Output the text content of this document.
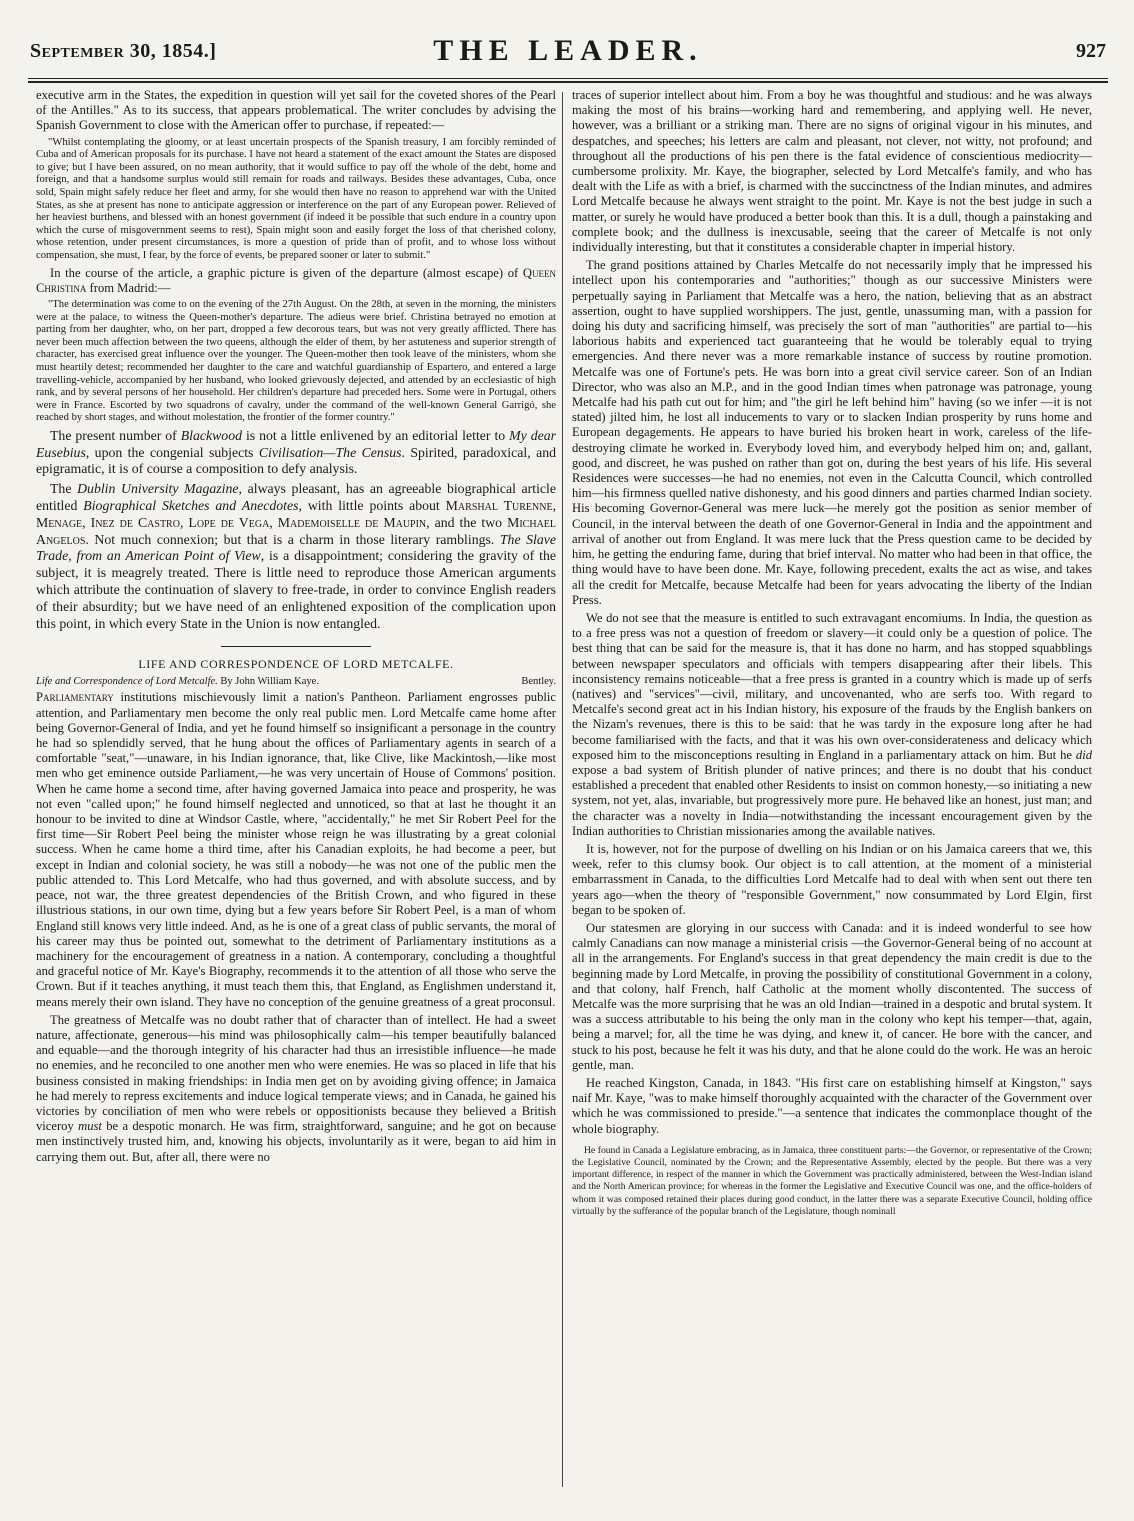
September 30, 1854.]	THE LEADER.	927

executive arm in the States, the expedition in question will yet sail for the coveted shores of the Pearl of the Antilles." As to its success, that appears problematical. The writer concludes by advising the Spanish Government to close with the American offer to purchase, if repeated:—

"Whilst contemplating the gloomy, or at least uncertain prospects of the Spanish treasury, I am forcibly reminded of Cuba and of American proposals for its purchase. I have not heard a statement of the exact amount the States are disposed to give; but I have been assured, on no mean authority, that it would suffice to pay off the whole of the debt, home and foreign, and that a handsome surplus would still remain for roads and railways. Besides these advantages, Cuba, once sold, Spain might safely reduce her fleet and army, for she would then have no reason to apprehend war with the United States, as she at present has none to anticipate aggression or interference on the part of any European power. Relieved of her heaviest burthens, and blessed with an honest government (if indeed it be possible that such endure in a country upon which the curse of misgovernment seems to rest), Spain might soon and easily forget the loss of that cherished colony, whose retention, under present circumstances, is more a question of pride than of profit, and to whose loss without compensation, she must, I fear, by the force of events, be prepared sooner or later to submit."

In the course of the article, a graphic picture is given of the departure (almost escape) of Queen Christina from Madrid:—

"The determination was come to on the evening of the 27th August. On the 28th, at seven in the morning, the ministers were at the palace, to witness the Queen-mother's departure. The adieus were brief. Christina betrayed no emotion at parting from her daughter, who, on her part, dropped a few decorous tears, but was not very greatly afflicted. There has never been much affection between the two queens, although the elder of them, by her astuteness and superior strength of character, has exercised great influence over the younger. The Queen-mother then took leave of the ministers, whom she must heartily detest; recommended her daughter to the care and watchful guardianship of Espartero, and entered a large travelling-vehicle, accompanied by her husband, who looked grievously dejected, and attended by an ecclesiastic of high rank, and by several persons of her household. Her children's departure had preceded hers. Some were in Portugal, others were in France. Escorted by two squadrons of cavalry, under the command of the well-known General Garrigó, she reached by short stages, and without molestation, the frontier of the former country."

The present number of Blackwood is not a little enlivened by an editorial letter to My dear Eusebius, upon the congenial subjects Civilisation—The Census. Spirited, paradoxical, and epigramatic, it is of course a composition to defy analysis.

The Dublin University Magazine, always pleasant, has an agreeable biographical article entitled Biographical Sketches and Anecdotes, with little points about Marshal Turenne, Menage, Inez de Castro, Lope de Vega, Mademoiselle de Maupin, and the two Michael Angelos. Not much connexion; but that is a charm in those literary ramblings. The Slave Trade, from an American Point of View, is a disappointment; considering the gravity of the subject, it is meagrely treated. There is little need to reproduce those American arguments which attribute the continuation of slavery to free-trade, in order to convince English readers of their absurdity; but we have need of an enlightened exposition of the complication upon this point, in which every State in the Union is now entangled.

LIFE AND CORRESPONDENCE OF LORD METCALFE.
Life and Correspondence of Lord Metcalfe. By John William Kaye.	Bentley.

Parliamentary institutions mischievously limit a nation's Pantheon. Parliament engrosses public attention, and Parliamentary men become the only real public men. Lord Metcalfe came home after being Governor-General of India, and yet he found himself so insignificant a personage in the country he had so splendidly served, that he hung about the offices of Parliamentary agents in search of a comfortable "seat,"—unaware, in his Indian ignorance, that, like Clive, like Mackintosh,—like most men who get eminence outside Parliament,—he was very uncertain of House of Commons' position. When he came home a second time, after having governed Jamaica into peace and prosperity, he was not even "called upon;" he found himself neglected and unnoticed, so that at last he thought it an honour to be invited to dine at Windsor Castle, where, "accidentally," he met Sir Robert Peel for the first time—Sir Robert Peel being the minister whose reign he was illustrating by a great colonial success. When he came home a third time, after his Canadian exploits, he had become a peer, but except in Indian and colonial society, he was still a nobody—he was not one of the public men the public attended to. This Lord Metcalfe, who had thus governed, and with absolute success, and by peace, not war, the three greatest dependencies of the British Crown, and who figured in these illustrious stations, in our own time, dying but a few years before Sir Robert Peel, is a man of whom England still knows very little indeed. And, as he is one of a great class of public servants, the moral of his career may thus be pointed out, somewhat to the detriment of Parliamentary institutions as a machinery for the encouragement of greatness in a nation. A contemporary, concluding a thoughtful and graceful notice of Mr. Kaye's Biography, recommends it to the attention of all those who serve the Crown. But if it teaches anything, it must teach them this, that England, as Englishmen understand it, means merely their own island. They have no conception of the genuine greatness of a great proconsul.

The greatness of Metcalfe was no doubt rather that of character than of intellect. He had a sweet nature, affectionate, generous—his mind was philosophically calm—his temper beautifully balanced and equable—and the thorough integrity of his character had thus an irresistible influence—he made no enemies, and he reconciled to one another men who were enemies. He was so placed in life that his business consisted in making friendships: in India men get on by avoiding giving offence; in Jamaica he had merely to repress excitements and induce logical temperate views; and in Canada, he gained his victories by conciliation of men who were rebels or oppositionists because they believed a British viceroy must be a despotic monarch. He was firm, straightforward, sanguine; and he got on because men instinctively trusted him, and, knowing his objects, involuntarily as it were, began to aid him in carrying them out. But, after all, there were no

traces of superior intellect about him. From a boy he was thoughtful and studious: and he was always making the most of his brains—working hard and remembering, and applying well. He never, however, was a brilliant or a striking man. There are no signs of original vigour in his minutes, and despatches, and speeches; his letters are calm and pleasant, not clever, not witty, not profound; and throughout all the productions of his pen there is the fatal evidence of conscientious mediocrity—cumbersome prolixity. Mr. Kaye, the biographer, selected by Lord Metcalfe's family, and who has dealt with the Life as with a brief, is charmed with the succinctness of the Indian minutes, and admires Lord Metcalfe because he always went straight to the point. Mr. Kaye is not the best judge in such a matter, or surely he would have produced a better book than this. It is a dull, though a painstaking and complete book; and the dullness is inexcusable, seeing that the career of Metcalfe is not only individually interesting, but that it constitutes a considerable chapter in imperial history.

The grand positions attained by Charles Metcalfe do not necessarily imply that he impressed his intellect upon his contemporaries and "authorities;" though as our successive Ministers were perpetually saying in Parliament that Metcalfe was a hero, the nation, believing that as an abstract assertion, ought to have supplied worshippers. The just, gentle, unassuming man, with a passion for doing his duty and sacrificing himself, was precisely the sort of man "authorities" are partial to—his laborious habits and experienced tact guaranteeing that he would be tolerably equal to trying emergencies. And there never was a more remarkable instance of success by routine promotion. Metcalfe was one of Fortune's pets. He was born into a great civil service career. Son of an Indian Director, who was also an M.P., and in the good Indian times when patronage was patronage, young Metcalfe had his path cut out for him; and "the girl he left behind him" having (so we infer —it is not stated) jilted him, he lost all inducements to vary or to slacken Indian prosperity by runs home and European degagements. He appears to have buried his broken heart in work, careless of the life-destroying climate he worked in. Everybody loved him, and everybody helped him on; and, gallant, good, and discreet, he was pushed on rather than got on, during the best years of his life. His several Residences were successes—he had no enemies, not even in the Calcutta Council, which controlled him—his firmness quelled native dishonesty, and his good dinners and parties charmed Indian society. His becoming Governor-General was mere luck—he merely got the position as senior member of Council, in the interval between the death of one Governor-General in India and the appointment and arrival of another out from England. It was mere luck that the Press question came to be decided by him, he getting the enduring fame, during that brief interval. No matter who had been in that office, the thing would have to have been done. Mr. Kaye, following precedent, exalts the act as wise, and takes all the credit for Metcalfe, because Metcalfe had been for years advocating the liberty of the Indian Press.

We do not see that the measure is entitled to such extravagant encomiums. In India, the question as to a free press was not a question of freedom or slavery—it could only be a question of police. The best thing that can be said for the measure is, that it has done no harm, and has stopped squabblings between newspaper speculators and officials with tempers disappearing after their libels. This inconsistency remains noticeable—that a free press is granted in a country which is made up of serfs (natives) and "services"—civil, military, and uncovenanted, who are serfs too. With regard to Metcalfe's second great act in his Indian history, his exposure of the frauds by the English bankers on the Nizam's revenues, there is this to be said: that he was tardy in the exposure long after he had become familiarised with the facts, and that it was his own over-considerateness and delicacy which exposed him to the misconceptions resulting in England in a parliamentary attack on him. But he did expose a bad system of British plunder of native princes; and there is no doubt that his conduct established a precedent that enabled other Residents to insist on common honesty,—so initiating a new system, not yet, alas, invariable, but progressively more pure. He behaved like an honest, just man; and the character was a novelty in India—notwithstanding the incessant encouragement given by the Indian authorities to Christian missionaries among the available natives.

It is, however, not for the purpose of dwelling on his Indian or on his Jamaica careers that we, this week, refer to this clumsy book. Our object is to call attention, at the moment of a ministerial embarrassment in Canada, to the difficulties Lord Metcalfe had to deal with when sent out there ten years ago—when the theory of "responsible Government," now consummated by Lord Elgin, first began to be spoken of.

Our statesmen are glorying in our success with Canada: and it is indeed wonderful to see how calmly Canadians can now manage a ministerial crisis —the Governor-General being of no account at all in the arrangements. For England's success in that great dependency the main credit is due to the beginning made by Lord Metcalfe, in proving the possibility of constitutional Government in a colony, and that colony, half French, half Catholic at the moment wholly discontented. The success of Metcalfe was the more surprising that he was an old Indian—trained in a despotic and brutal system. It was a success attributable to his being the only man in the colony who kept his temper—that, again, being a marvel; for, all the time he was dying, and knew it, of cancer. He bore with the cancer, and stuck to his post, because he felt it was his duty, and that he alone could do the work. He was an heroic gentle, man.

He reached Kingston, Canada, in 1843. "His first care on establishing himself at Kingston," says naif Mr. Kaye, "was to make himself thoroughly acquainted with the character of the Government over which he was commissioned to preside."—a sentence that indicates the commonplace thought of the whole biography.

He found in Canada a Legislature embracing, as in Jamaica, three constituent parts:—the Governor, or representative of the Crown; the Legislative Council, nominated by the Crown; and the Representative Assembly, elected by the people. But there was a very important difference, in respect of the manner in which the Government was practically administered, between the West-Indian island and the North American province; for whereas in the former the Legislative and Executive Council was one, and the office-holders of whom it was composed retained their places during good conduct, in the latter there was a separate Executive Council, holding office virtually by the sufferance of the popular branch of the Legislature, though nominall
